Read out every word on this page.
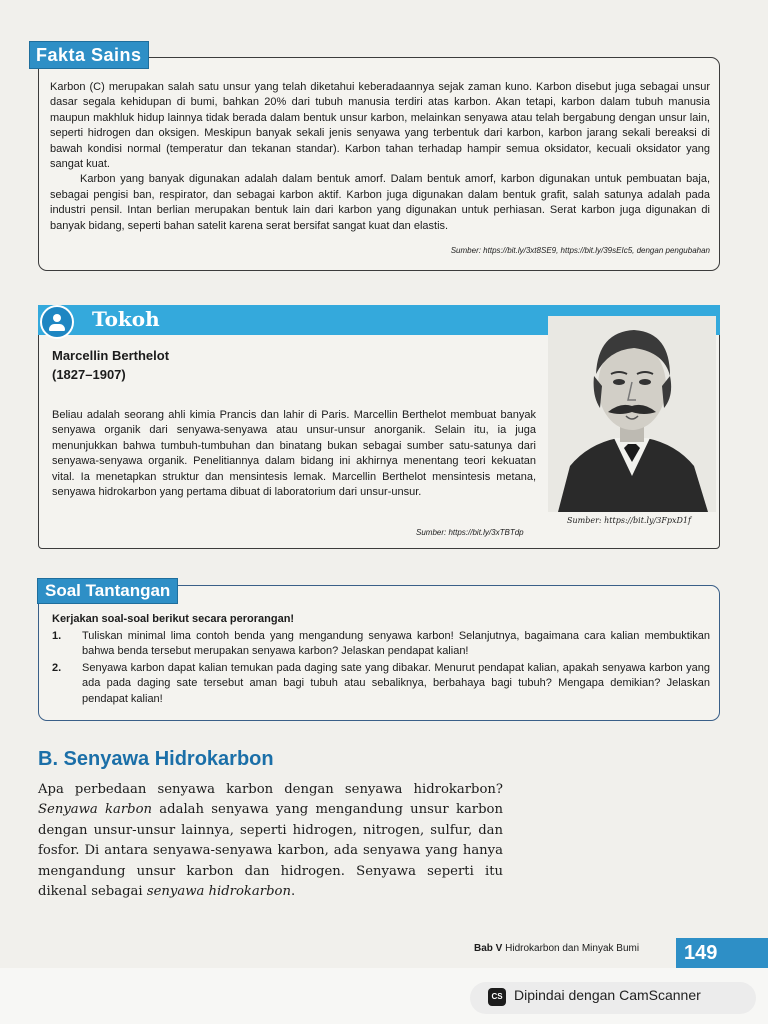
Fakta Sains

Karbon (C) merupakan salah satu unsur yang telah diketahui keberadaannya sejak zaman kuno. Karbon disebut juga sebagai unsur dasar segala kehidupan di bumi, bahkan 20% dari tubuh manusia terdiri atas karbon. Akan tetapi, karbon dalam tubuh manusia maupun makhluk hidup lainnya tidak berada dalam bentuk unsur karbon, melainkan senyawa atau telah bergabung dengan unsur lain, seperti hidrogen dan oksigen. Meskipun banyak sekali jenis senyawa yang terbentuk dari karbon, karbon jarang sekali bereaksi di bawah kondisi normal (temperatur dan tekanan standar). Karbon tahan terhadap hampir semua oksidator, kecuali oksidator yang sangat kuat.

Karbon yang banyak digunakan adalah dalam bentuk amorf. Dalam bentuk amorf, karbon digunakan untuk pembuatan baja, sebagai pengisi ban, respirator, dan sebagai karbon aktif. Karbon juga digunakan dalam bentuk grafit, salah satunya adalah pada industri pensil. Intan berlian merupakan bentuk lain dari karbon yang digunakan untuk perhiasan. Serat karbon juga digunakan di banyak bidang, seperti bahan satelit karena serat bersifat sangat kuat dan elastis.

Sumber: https://bit.ly/3xt8SE9, https://bit.ly/39sEIc5, dengan pengubahan
Tokoh
Marcellin Berthelot
(1827–1907)
Beliau adalah seorang ahli kimia Prancis dan lahir di Paris. Marcellin Berthelot membuat banyak senyawa organik dari senyawa-senyawa atau unsur-unsur anorganik. Selain itu, ia juga menunjukkan bahwa tumbuh-tumbuhan dan binatang bukan sebagai sumber satu-satunya dari senyawa-senyawa organik. Penelitiannya dalam bidang ini akhirnya menentang teori kekuatan vital. Ia menetapkan struktur dan mensintesis lemak. Marcellin Berthelot mensintesis metana, senyawa hidrokarbon yang pertama dibuat di laboratorium dari unsur-unsur.
Sumber: https://bit.ly/3xTBTdp
Sumber: https://bit.ly/3FpxD1f
Soal Tantangan
Kerjakan soal-soal berikut secara perorangan!
1.	Tuliskan minimal lima contoh benda yang mengandung senyawa karbon! Selanjutnya, bagaimana cara kalian membuktikan bahwa benda tersebut merupakan senyawa karbon? Jelaskan pendapat kalian!
2.	Senyawa karbon dapat kalian temukan pada daging sate yang dibakar. Menurut pendapat kalian, apakah senyawa karbon yang ada pada daging sate tersebut aman bagi tubuh atau sebaliknya, berbahaya bagi tubuh? Mengapa demikian? Jelaskan pendapat kalian!
B. Senyawa Hidrokarbon
Apa perbedaan senyawa karbon dengan senyawa hidrokarbon? Senyawa karbon adalah senyawa yang mengandung unsur karbon dengan unsur-unsur lainnya, seperti hidrogen, nitrogen, sulfur, dan fosfor. Di antara senyawa-senyawa karbon, ada senyawa yang hanya mengandung unsur karbon dan hidrogen. Senyawa seperti itu dikenal sebagai senyawa hidrokarbon.
Bab V Hidrokarbon dan Minyak Bumi 149
CS Dipindai dengan CamScanner
